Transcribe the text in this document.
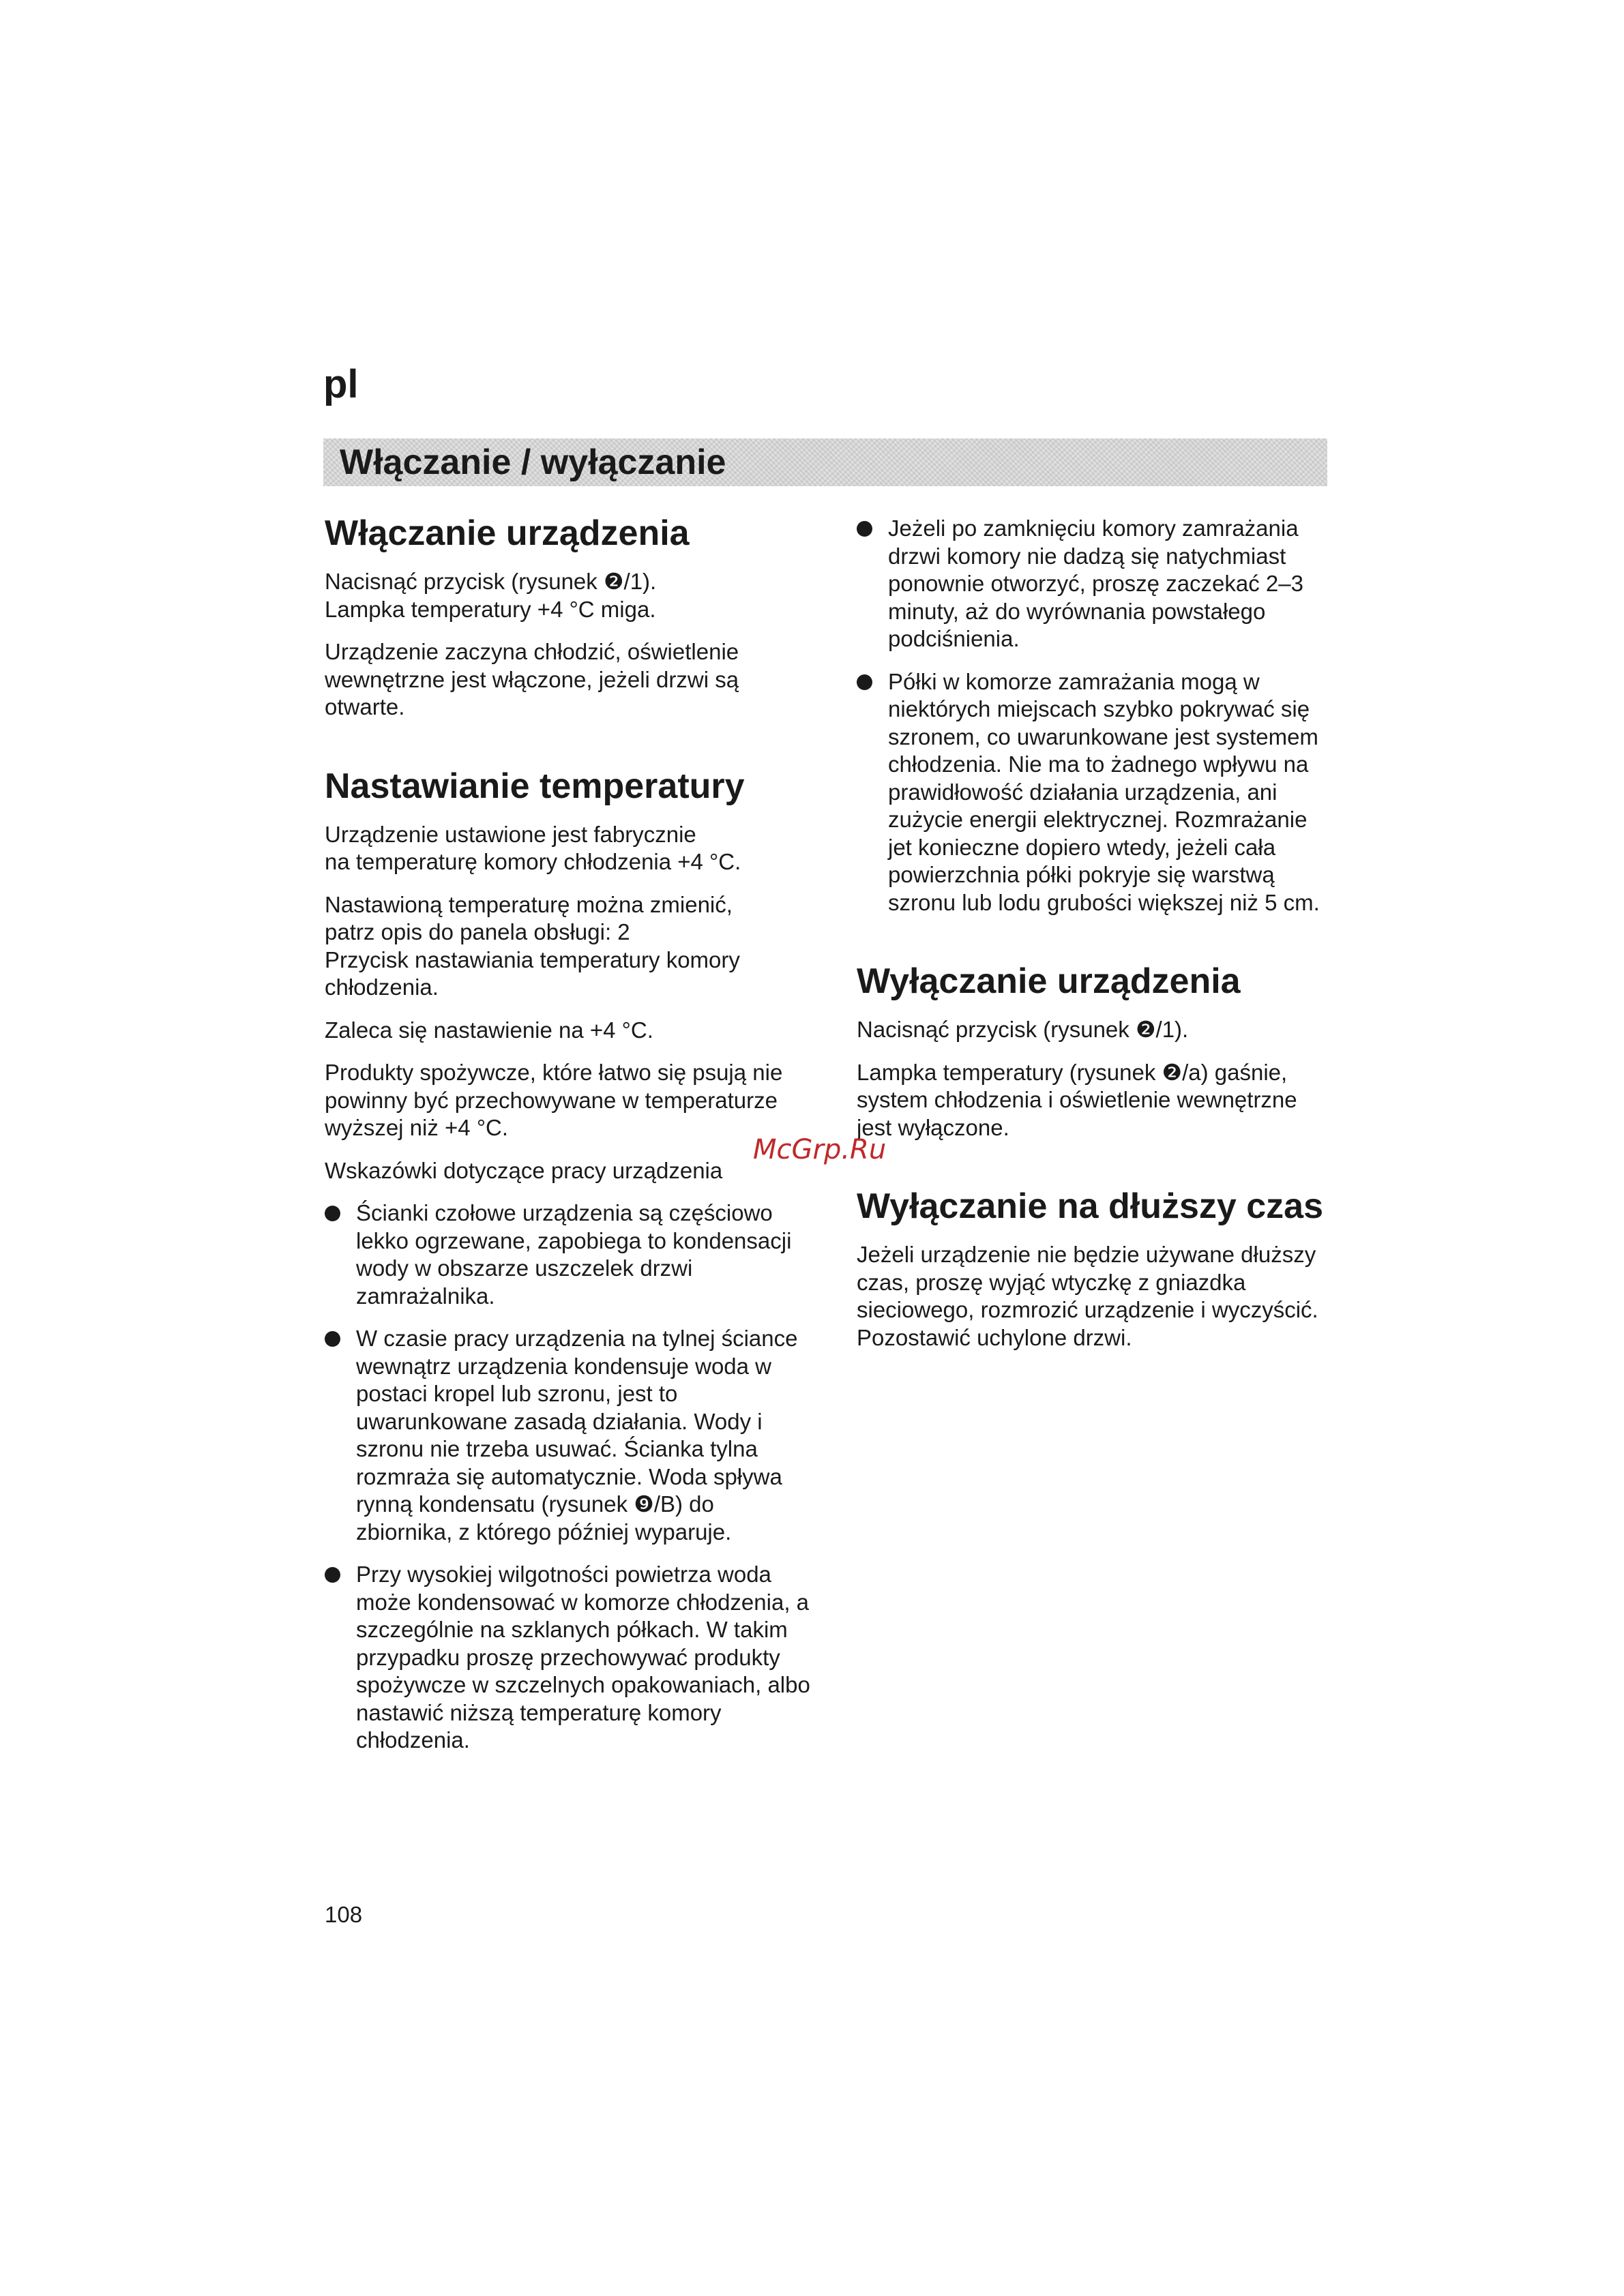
pl
Włączanie / wyłączanie
Włączanie urządzenia

Nacisnąć przycisk (rysunek ❷/1).
Lampka temperatury +4 °C miga.

Urządzenie zaczyna chłodzić, oświetlenie wewnętrzne jest włączone, jeżeli drzwi są otwarte.

Nastawianie temperatury

Urządzenie ustawione jest fabrycznie
na temperaturę komory chłodzenia +4 °C.

Nastawioną temperaturę można zmienić,
patrz opis do panela obsługi: 2
Przycisk nastawiania temperatury komory chłodzenia.

Zaleca się nastawienie na +4 °C.

Produkty spożywcze, które łatwo się psują nie powinny być przechowywane w temperaturze wyższej niż +4 °C.

Wskazówki dotyczące pracy urządzenia

Ścianki czołowe urządzenia są częściowo lekko ogrzewane, zapobiega to kondensacji wody w obszarze uszczelek drzwi zamrażalnika.
W czasie pracy urządzenia na tylnej ściance wewnątrz urządzenia kondensuje woda w postaci kropel lub szronu, jest to uwarunkowane zasadą działania. Wody i szronu nie trzeba usuwać. Ścianka tylna rozmraża się automatycznie. Woda spływa rynną kondensatu (rysunek ❾/B) do zbiornika, z którego później wyparuje.
Przy wysokiej wilgotności powietrza woda może kondensować w komorze chłodzenia, a szczególnie na szklanych półkach. W takim przypadku proszę przechowywać produkty spożywcze w szczelnych opakowaniach, albo nastawić niższą temperaturę komory chłodzenia.
Jeżeli po zamknięciu komory zamrażania drzwi komory nie dadzą się natychmiast ponownie otworzyć, proszę zaczekać 2–3 minuty, aż do wyrównania powstałego podciśnienia.
Półki w komorze zamrażania mogą w niektórych miejscach szybko pokrywać się szronem, co uwarunkowane jest systemem chłodzenia. Nie ma to żadnego wpływu na prawidłowość działania urządzenia, ani zużycie energii elektrycznej. Rozmrażanie jet konieczne dopiero wtedy, jeżeli cała powierzchnia półki pokryje się warstwą szronu lub lodu grubości większej niż 5 cm.
Wyłączanie urządzenia

Nacisnąć przycisk (rysunek ❷/1).

Lampka temperatury (rysunek ❷/a) gaśnie, system chłodzenia i oświetlenie wewnętrzne jest wyłączone.

Wyłączanie na dłuższy czas

Jeżeli urządzenie nie będzie używane dłuższy czas, proszę wyjąć wtyczkę z gniazdka sieciowego, rozmrozić urządzenie i wyczyścić. Pozostawić uchylone drzwi.

108
McGrp.Ru
